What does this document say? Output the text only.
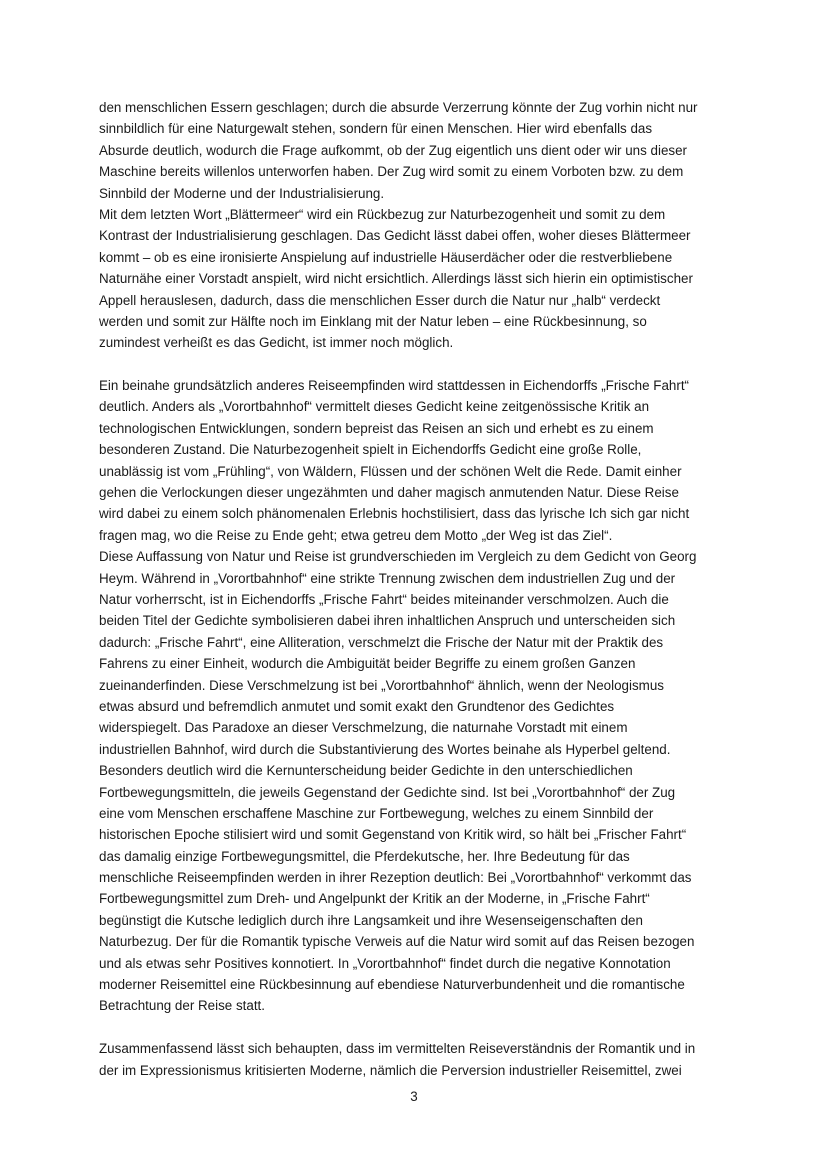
den menschlichen Essern geschlagen; durch die absurde Verzerrung könnte der Zug vorhin nicht nur
sinnbildlich für eine Naturgewalt stehen, sondern für einen Menschen. Hier wird ebenfalls das
Absurde deutlich, wodurch die Frage aufkommt, ob der Zug eigentlich uns dient oder wir uns dieser
Maschine bereits willenlos unterworfen haben. Der Zug wird somit zu einem Vorboten bzw. zu dem
Sinnbild der Moderne und der Industrialisierung.
Mit dem letzten Wort „Blättermeer“ wird ein Rückbezug zur Naturbezogenheit und somit zu dem
Kontrast der Industrialisierung geschlagen. Das Gedicht lässt dabei offen, woher dieses Blättermeer
kommt – ob es eine ironisierte Anspielung auf industrielle Häuserdächer oder die restverbliebene
Naturnähe einer Vorstadt anspielt, wird nicht ersichtlich. Allerdings lässt sich hierin ein optimistischer
Appell herauslesen, dadurch, dass die menschlichen Esser durch die Natur nur „halb“ verdeckt
werden und somit zur Hälfte noch im Einklang mit der Natur leben – eine Rückbesinnung, so
zumindest verheißt es das Gedicht, ist immer noch möglich.
Ein beinahe grundsätzlich anderes Reiseempfinden wird stattdessen in Eichendorffs „Frische Fahrt“
deutlich. Anders als „Vorortbahnhof“ vermittelt dieses Gedicht keine zeitgenössische Kritik an
technologischen Entwicklungen, sondern bepreist das Reisen an sich und erhebt es zu einem
besonderen Zustand. Die Naturbezogenheit spielt in Eichendorffs Gedicht eine große Rolle,
unablässig ist vom „Frühling“, von Wäldern, Flüssen und der schönen Welt die Rede. Damit einher
gehen die Verlockungen dieser ungezähmten und daher magisch anmutenden Natur. Diese Reise
wird dabei zu einem solch phänomenalen Erlebnis hochstilisiert, dass das lyrische Ich sich gar nicht
fragen mag, wo die Reise zu Ende geht; etwa getreu dem Motto „der Weg ist das Ziel“.
Diese Auffassung von Natur und Reise ist grundverschieden im Vergleich zu dem Gedicht von Georg
Heym. Während in „Vorortbahnhof“ eine strikte Trennung zwischen dem industriellen Zug und der
Natur vorherrscht, ist in Eichendorffs „Frische Fahrt“ beides miteinander verschmolzen. Auch die
beiden Titel der Gedichte symbolisieren dabei ihren inhaltlichen Anspruch und unterscheiden sich
dadurch: „Frische Fahrt“, eine Alliteration, verschmelzt die Frische der Natur mit der Praktik des
Fahrens zu einer Einheit, wodurch die Ambiguität beider Begriffe zu einem großen Ganzen
zueinanderfinden. Diese Verschmelzung ist bei „Vorortbahnhof“ ähnlich, wenn der Neologismus
etwas absurd und befremdlich anmutet und somit exakt den Grundtenor des Gedichtes
widerspiegelt. Das Paradoxe an dieser Verschmelzung, die naturnahe Vorstadt mit einem
industriellen Bahnhof, wird durch die Substantivierung des Wortes beinahe als Hyperbel geltend.
Besonders deutlich wird die Kernunterscheidung beider Gedichte in den unterschiedlichen
Fortbewegungsmitteln, die jeweils Gegenstand der Gedichte sind. Ist bei „Vorortbahnhof“ der Zug
eine vom Menschen erschaffene Maschine zur Fortbewegung, welches zu einem Sinnbild der
historischen Epoche stilisiert wird und somit Gegenstand von Kritik wird, so hält bei „Frischer Fahrt“
das damalig einzige Fortbewegungsmittel, die Pferdekutsche, her. Ihre Bedeutung für das
menschliche Reiseempfinden werden in ihrer Rezeption deutlich: Bei „Vorortbahnhof“ verkommt das
Fortbewegungsmittel zum Dreh- und Angelpunkt der Kritik an der Moderne, in „Frische Fahrt“
begünstigt die Kutsche lediglich durch ihre Langsamkeit und ihre Wesenseigenschaften den
Naturbezug. Der für die Romantik typische Verweis auf die Natur wird somit auf das Reisen bezogen
und als etwas sehr Positives konnotiert. In „Vorortbahnhof“ findet durch die negative Konnotation
moderner Reisemittel eine Rückbesinnung auf ebendiese Naturverbundenheit und die romantische
Betrachtung der Reise statt.
Zusammenfassend lässt sich behaupten, dass im vermittelten Reiseverständnis der Romantik und in
der im Expressionismus kritisierten Moderne, nämlich die Perversion industrieller Reisemittel, zwei
3
